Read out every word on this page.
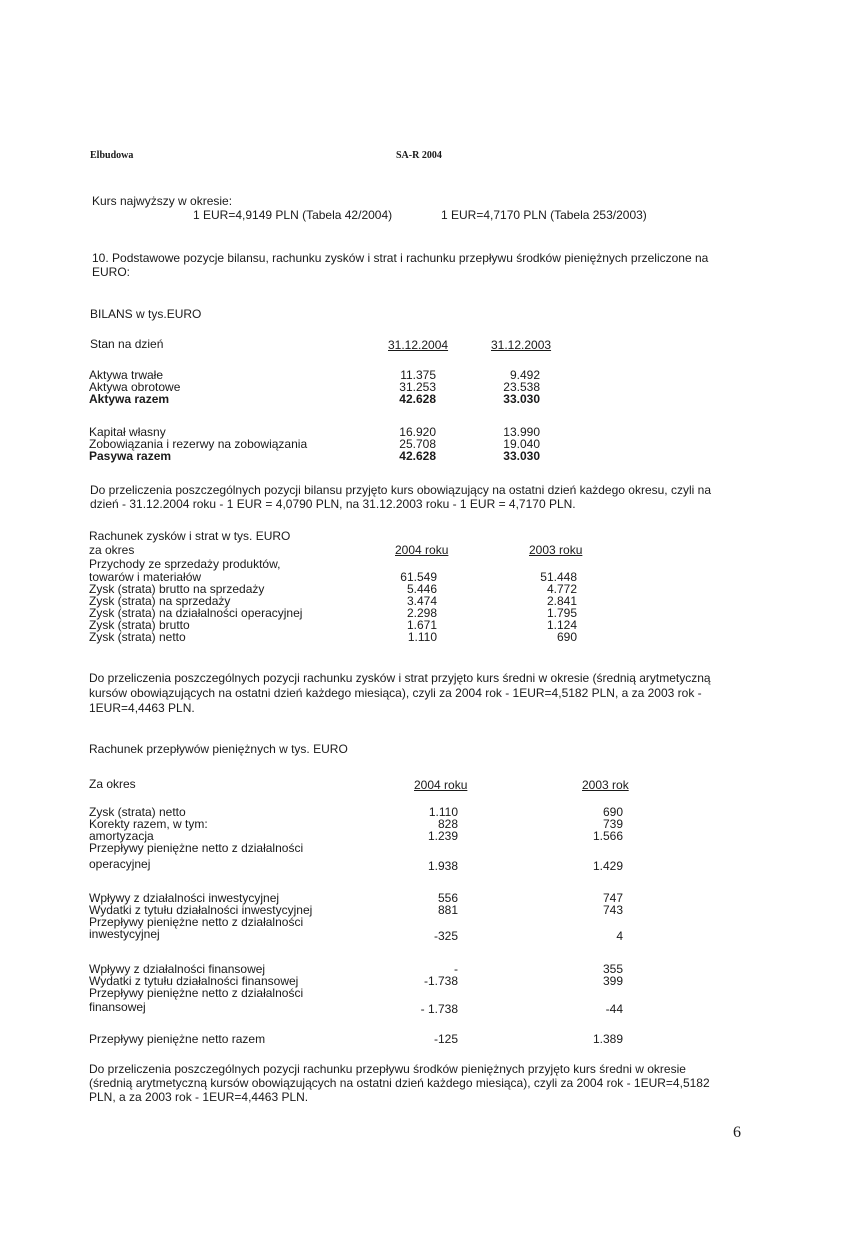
Elbudowa	SA-R 2004
Kurs najwyższy w okresie:
1 EUR=4,9149 PLN (Tabela 42/2004)	1 EUR=4,7170 PLN (Tabela 253/2003)
10. Podstawowe pozycje bilansu, rachunku zysków i strat i rachunku przepływu środków pieniężnych przeliczone na
EURO:
BILANS w tys.EURO
Stan na dzień	31.12.2004	31.12.2003
Aktywa trwałe	11.375	9.492
Aktywa obrotowe	31.253	23.538
Aktywa razem	42.628	33.030
Kapitał własny	16.920	13.990
Zobowiązania i rezerwy na zobowiązania	25.708	19.040
Pasywa razem	42.628	33.030
Do przeliczenia poszczególnych pozycji bilansu przyjęto kurs obowiązujący na ostatni dzień każdego okresu, czyli na
dzień - 31.12.2004 roku - 1 EUR = 4,0790 PLN, na 31.12.2003 roku - 1 EUR = 4,7170 PLN.
Rachunek zysków i strat w tys. EURO
za okres	2004 roku	2003 roku
Przychody ze sprzedaży produktów,
towarów i materiałów	61.549	51.448
Zysk (strata) brutto na sprzedaży	5.446	4.772
Zysk (strata) na sprzedaży	3.474	2.841
Zysk (strata) na działalności operacyjnej	2.298	1.795
Zysk (strata) brutto	1.671	1.124
Zysk (strata) netto	1.110	690
Do przeliczenia poszczególnych pozycji rachunku zysków i strat przyjęto kurs średni w okresie (średnią arytmetyczną
kursów obowiązujących na ostatni dzień każdego miesiąca), czyli za 2004 rok - 1EUR=4,5182 PLN, a za 2003 rok -
1EUR=4,4463 PLN.
Rachunek przepływów pieniężnych w tys. EURO
Za okres	2004 roku	2003 rok
Zysk (strata) netto	1.110	690
Korekty razem, w tym:	828	739
amortyzacja	1.239	1.566
Przepływy pieniężne netto z działalności
operacyjnej	1.938	1.429
Wpływy z działalności inwestycyjnej	556	747
Wydatki z tytułu działalności inwestycyjnej	881	743
Przepływy pieniężne netto z działalności
inwestycyjnej	-325	4
Wpływy z działalności finansowej	-	355
Wydatki z tytułu działalności finansowej	-1.738	399
Przepływy pieniężne netto z działalności
finansowej	- 1.738	-44
Przepływy pieniężne netto razem	-125	1.389
Do przeliczenia poszczególnych pozycji rachunku przepływu środków pieniężnych przyjęto kurs średni w okresie
(średnią arytmetyczną kursów obowiązujących na ostatni dzień każdego miesiąca), czyli za 2004 rok - 1EUR=4,5182
PLN, a za 2003 rok - 1EUR=4,4463 PLN.
6
